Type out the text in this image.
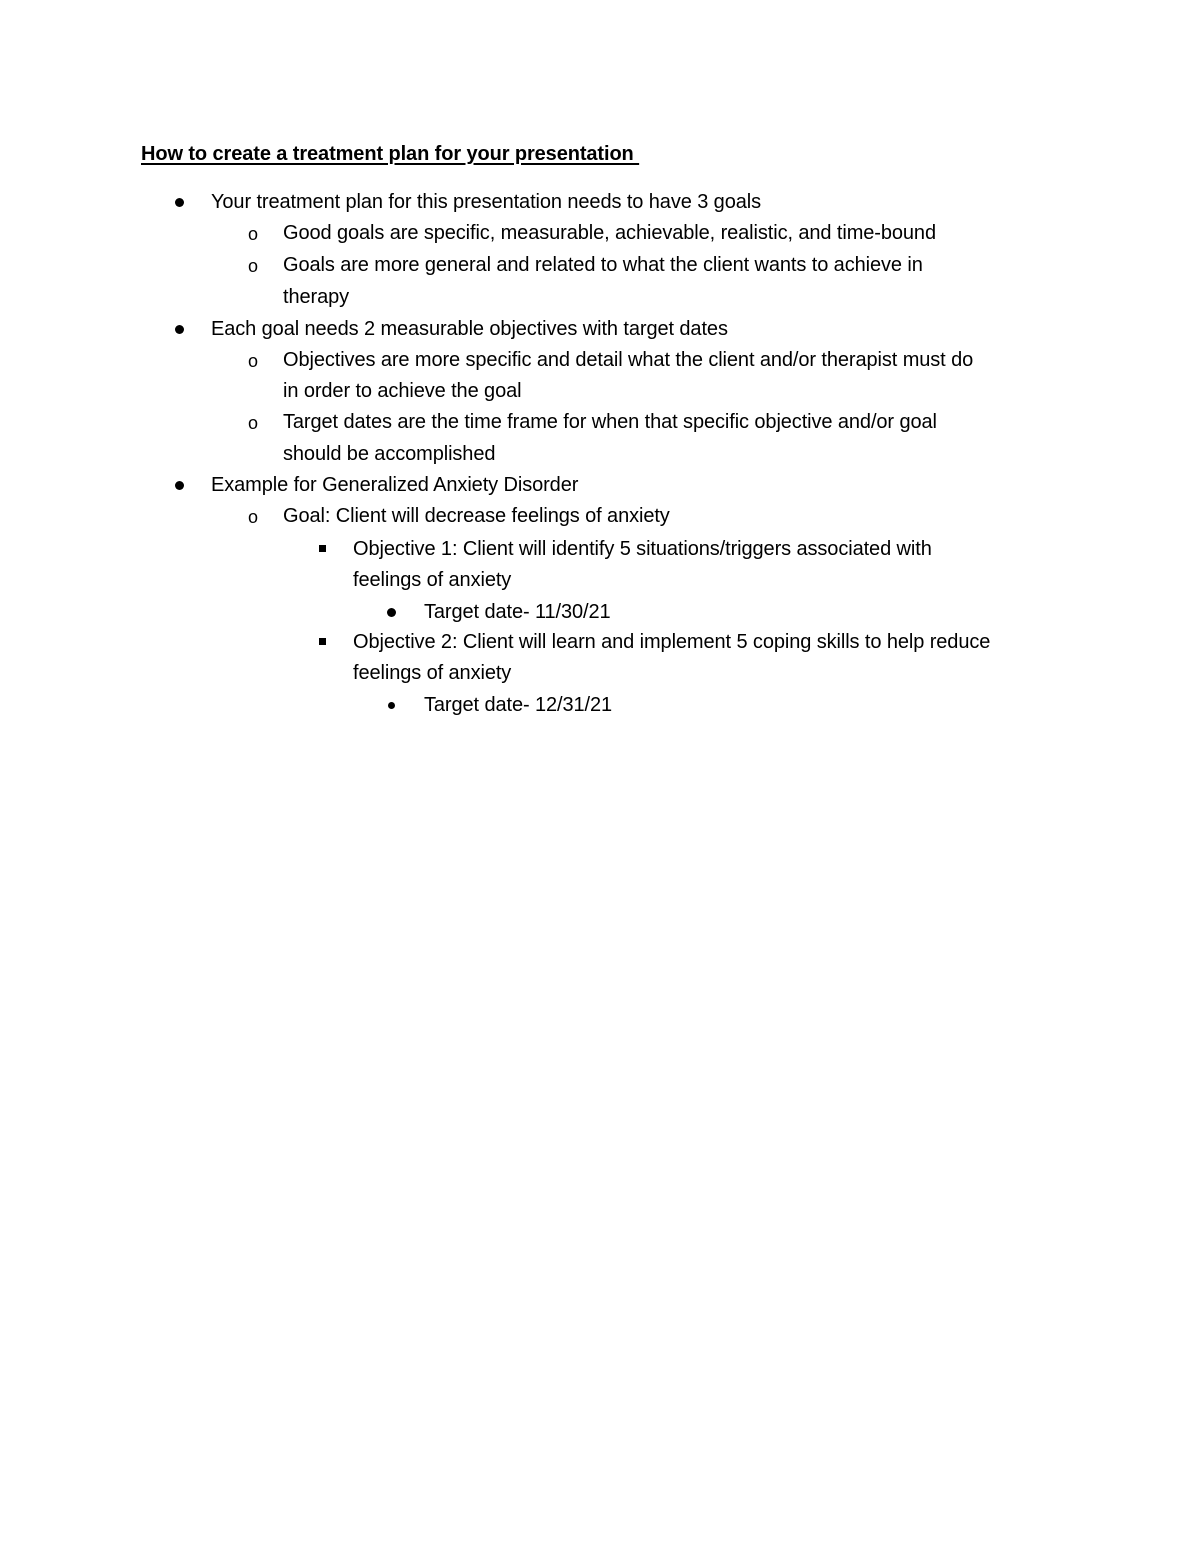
How to create a treatment plan for your presentation
Your treatment plan for this presentation needs to have 3 goals
o Good goals are specific, measurable, achievable, realistic, and time-bound
o Goals are more general and related to what the client wants to achieve in
therapy
Each goal needs 2 measurable objectives with target dates
o Objectives are more specific and detail what the client and/or therapist must do
in order to achieve the goal
o Target dates are the time frame for when that specific objective and/or goal
should be accomplished
Example for Generalized Anxiety Disorder
o Goal: Client will decrease feelings of anxiety
Objective 1: Client will identify 5 situations/triggers associated with
feelings of anxiety
Target date- 11/30/21
Objective 2: Client will learn and implement 5 coping skills to help reduce
feelings of anxiety
Target date- 12/31/21
